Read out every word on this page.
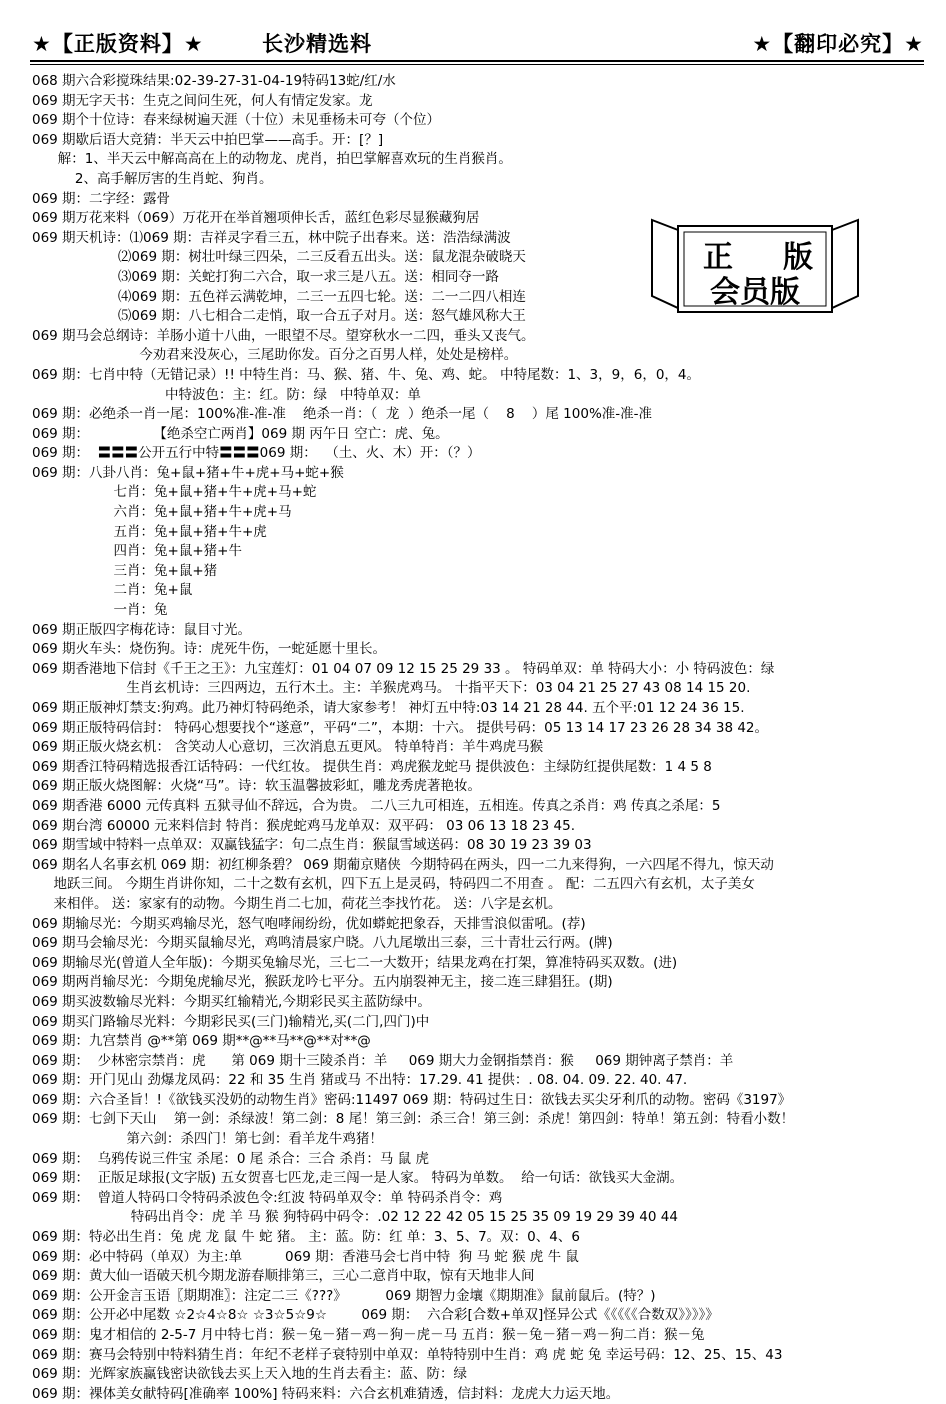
★【正版资料】★	长沙精选料	★【翻印必究】★
068 期六合彩搅珠结果:02-39-27-31-04-19特码13蛇/红/水
069 期无字天书：生克之间问生死，何人有情定发家。龙
069 期个十位诗：春来绿树遍天涯（十位）未见垂杨未可夸（个位）
069 期歇后语大竞猜：半天云中拍巴掌——高手。开：[？]
解：1、半天云中解高高在上的动物龙、虎肖，拍巴掌解喜欢玩的生肖猴肖。
2、高手解厉害的生肖蛇、狗肖。
069 期：二字经：露骨
069 期万花来料（069）万花开在举首翘项伸长舌，蓝红色彩尽显猴藏狗居
069 期天机诗：⑴069 期：吉祥灵字看三五，林中院子出春来。送：浩浩绿满波
⑵069 期：树壮叶绿三四朵，二三反看五出头。送：鼠龙混杂破晓天
⑶069 期：关蛇打狗二六合，取一求三是八五。送：相同夺一路
⑷069 期：五色祥云满乾坤，二三一五四七轮。送：二一二四八相连
⑸069 期：八七相合二走悄，取一合五子对月。送：怒气雄风称大王
069 期马会总纲诗：羊肠小道十八曲，一眼望不尽。望穿秋水一二四，垂头又丧气。
今劝君来没灰心，三尾助你发。百分之百男人样，处处是榜样。
069 期：七肖中特（无错记录）!! 中特生肖：马、猴、猪、牛、兔、鸡、蛇。 中特尾数：1、3，9，6，0，4。
中特波色：主：红。防：绿   中特单双：单
069 期：必绝杀一肖一尾：100%准-准-准    绝杀一肖：（  龙  ）绝杀一尾（    8    ）尾 100%准-准-准
069 期：               【绝杀空亡两肖】069 期 丙午日 空亡：虎、兔。
069 期：  〓〓〓公开五行中特〓〓〓069 期：  （土、火、木）开：（？）
069 期：八卦八肖：兔+鼠+猪+牛+虎+马+蛇+猴
七肖：兔+鼠+猪+牛+虎+马+蛇
六肖：兔+鼠+猪+牛+虎+马
五肖：兔+鼠+猪+牛+虎
四肖：兔+鼠+猪+牛
三肖：兔+鼠+猪
二肖：兔+鼠
一肖：兔
069 期正版四字梅花诗：鼠目寸光。
069 期火车头：烧伤狗。诗：虎死牛伤，一蛇延愿十里长。
069 期香港地下信封《千王之王》：九宝莲灯：01 04 07 09 12 15 25 29 33 。 特码单双：单 特码大小：小 特码波色：绿
生肖玄机诗：三四两边，五行木土。主：羊猴虎鸡马。 十指平天下：03 04 21 25 27 43 08 14 15 20.
069 期正版神灯禁支:狗鸡。此乃神灯特码绝杀，请大家参考！ 神灯五中特:03 14 21 28 44. 五个平:01 12 24 36 15.
069 期正版特码信封： 特码心想要找个“遂意”，平码“二”，本期：十六。 提供号码：05 13 14 17 23 26 28 34 38 42。
069 期正版火烧玄机： 含笑动人心意切，三次消息五更风。 特单特肖：羊牛鸡虎马猴
069 期香江特码精选报香江话特码：一代红妆。 提供生肖：鸡虎猴龙蛇马 提供波色：主绿防红提供尾数：1 4 5 8
069 期正版火烧图解：火烧“马”。诗：软玉温馨披彩虹，雕龙秀虎著艳妆。
069 期香港 6000 元传真料 五狱寻仙不辞远，合为贵。 二八三九可相连，五相连。传真之杀肖：鸡 传真之杀尾：5
069 期台湾 60000 元来料信封 特肖：猴虎蛇鸡马龙单双：双平码： 03 06 13 18 23 45.
069 期雪域中特料一点单双：双赢钱猛字：句二点生肖：猴鼠雪域送码：08 30 19 23 39 03
069 期名人名事玄机 069 期：初红柳条碧？ 069 期葡京赌侠  今期特码在两头，四一二九来得狗，一六四尾不得九，惊天动
地跃三间。 今期生肖讲你知，二十之数有玄机，四下五上是灵码，特码四二不用查 。 配：二五四六有玄机，太子美女
来相伴。 送：家家有的动物。今期生肖二七加，荷花兰李找竹花。 送：八字是玄机。
069 期输尽光：今期买鸡输尽光，怒气咆哮闹纷纷，优如蟒蛇把象吞，天排雪浪似雷吼。(荐)
069 期马会输尽光：今期买鼠输尽光，鸡鸣清晨家户晓。八九尾墩出三泰，三十青壮云行两。(牌)
069 期输尽光(曾道人全年版)：今期买兔输尽光，三七二一大数开；结果龙鸡在打架，算准特码买双数。(进)
069 期两肖输尽光：今期兔虎输尽光，猴跃龙吟七平分。五内崩裂神无主，接二连三肆猖狂。(期)
069 期买波数输尽光料：今期买红输精光,今期彩民买主蓝防绿中。
069 期买门路输尽光料：今期彩民买(三门)输精光,买(二门,四门)中
069 期：九宫禁肖 @**第 069 期**@**马**@**对**@
069 期：  少林密宗禁肖：虎      第 069 期十三陵杀肖：羊     069 期大力金钢指禁肖：猴     069 期钟离子禁肖：羊
069 期：开门见山 劲爆龙凤码：22 和 35 生肖 猪或马 不出特：17.29. 41 提供：. 08. 04. 09. 22. 40. 47.
069 期：六合圣旨！!《欲钱买没奶的动物生肖》密码:11497 069 期：特码过生日：欲钱去买尖牙利爪的动物。密码《3197》
069 期：七剑下天山    第一剑：杀绿波！第二剑：8 尾！第三剑：杀三合！第三剑：杀虎！第四剑：特单！第五剑：特看小数！
第六剑：杀四门！第七剑：看羊龙牛鸡猪！
069 期：  乌鸦传说三件宝 杀尾：0 尾 杀合：三合 杀肖：马 鼠 虎
069 期：  正版足球报(文字版) 五女贺喜七匹龙,走三闯一是人家。 特码为单数。  给一句话：欲钱买大金湖。
069 期：  曾道人特码口令特码杀波色令:红波 特码单双令：单 特码杀肖令：鸡
特码出肖令：虎 羊 马 猴 狗特码中码令：.02 12 22 42 05 15 25 35 09 19 29 39 40 44
069 期：特必出生肖：兔 虎 龙 鼠 牛 蛇 猪。 主：蓝。防：红 单：3、5、7。双：0、4、6
069 期：必中特码（单双）为主:单          069 期：香港马会七肖中特  狗 马 蛇 猴 虎 牛 鼠
069 期：黄大仙一语破天机今期龙游春顺排第三，三心二意肖中取，惊有天地非人间
069 期：公开金言玉语〖期期准〗：注定二三《???》         069 期智力金壤《期期准》鼠前鼠后。(特？)
069 期：公开必中尾数 ☆2☆4☆8☆ ☆3☆5☆9☆        069 期：  六合彩[合数+单双]怪异公式《《《《《合数双》》》》》
069 期：鬼才相信的 2-5-7 月中特七肖：猴－兔－猪－鸡－狗－虎－马 五肖：猴－兔－猪－鸡－狗二肖：猴－兔
069 期：赛马会特别中特料猜生肖：年纪不老样子衰特别中单双：单特特别中生肖：鸡 虎 蛇 兔 幸运号码：12、25、15、43
069 期：光辉家族赢钱密诀欲钱去买上天入地的生肖去看主：蓝、防：绿
069 期：裸体美女献特码[准确率 100%] 特码来料：六合玄机难猜透，信封料：龙虎大力运天地。
正 版
会员版
